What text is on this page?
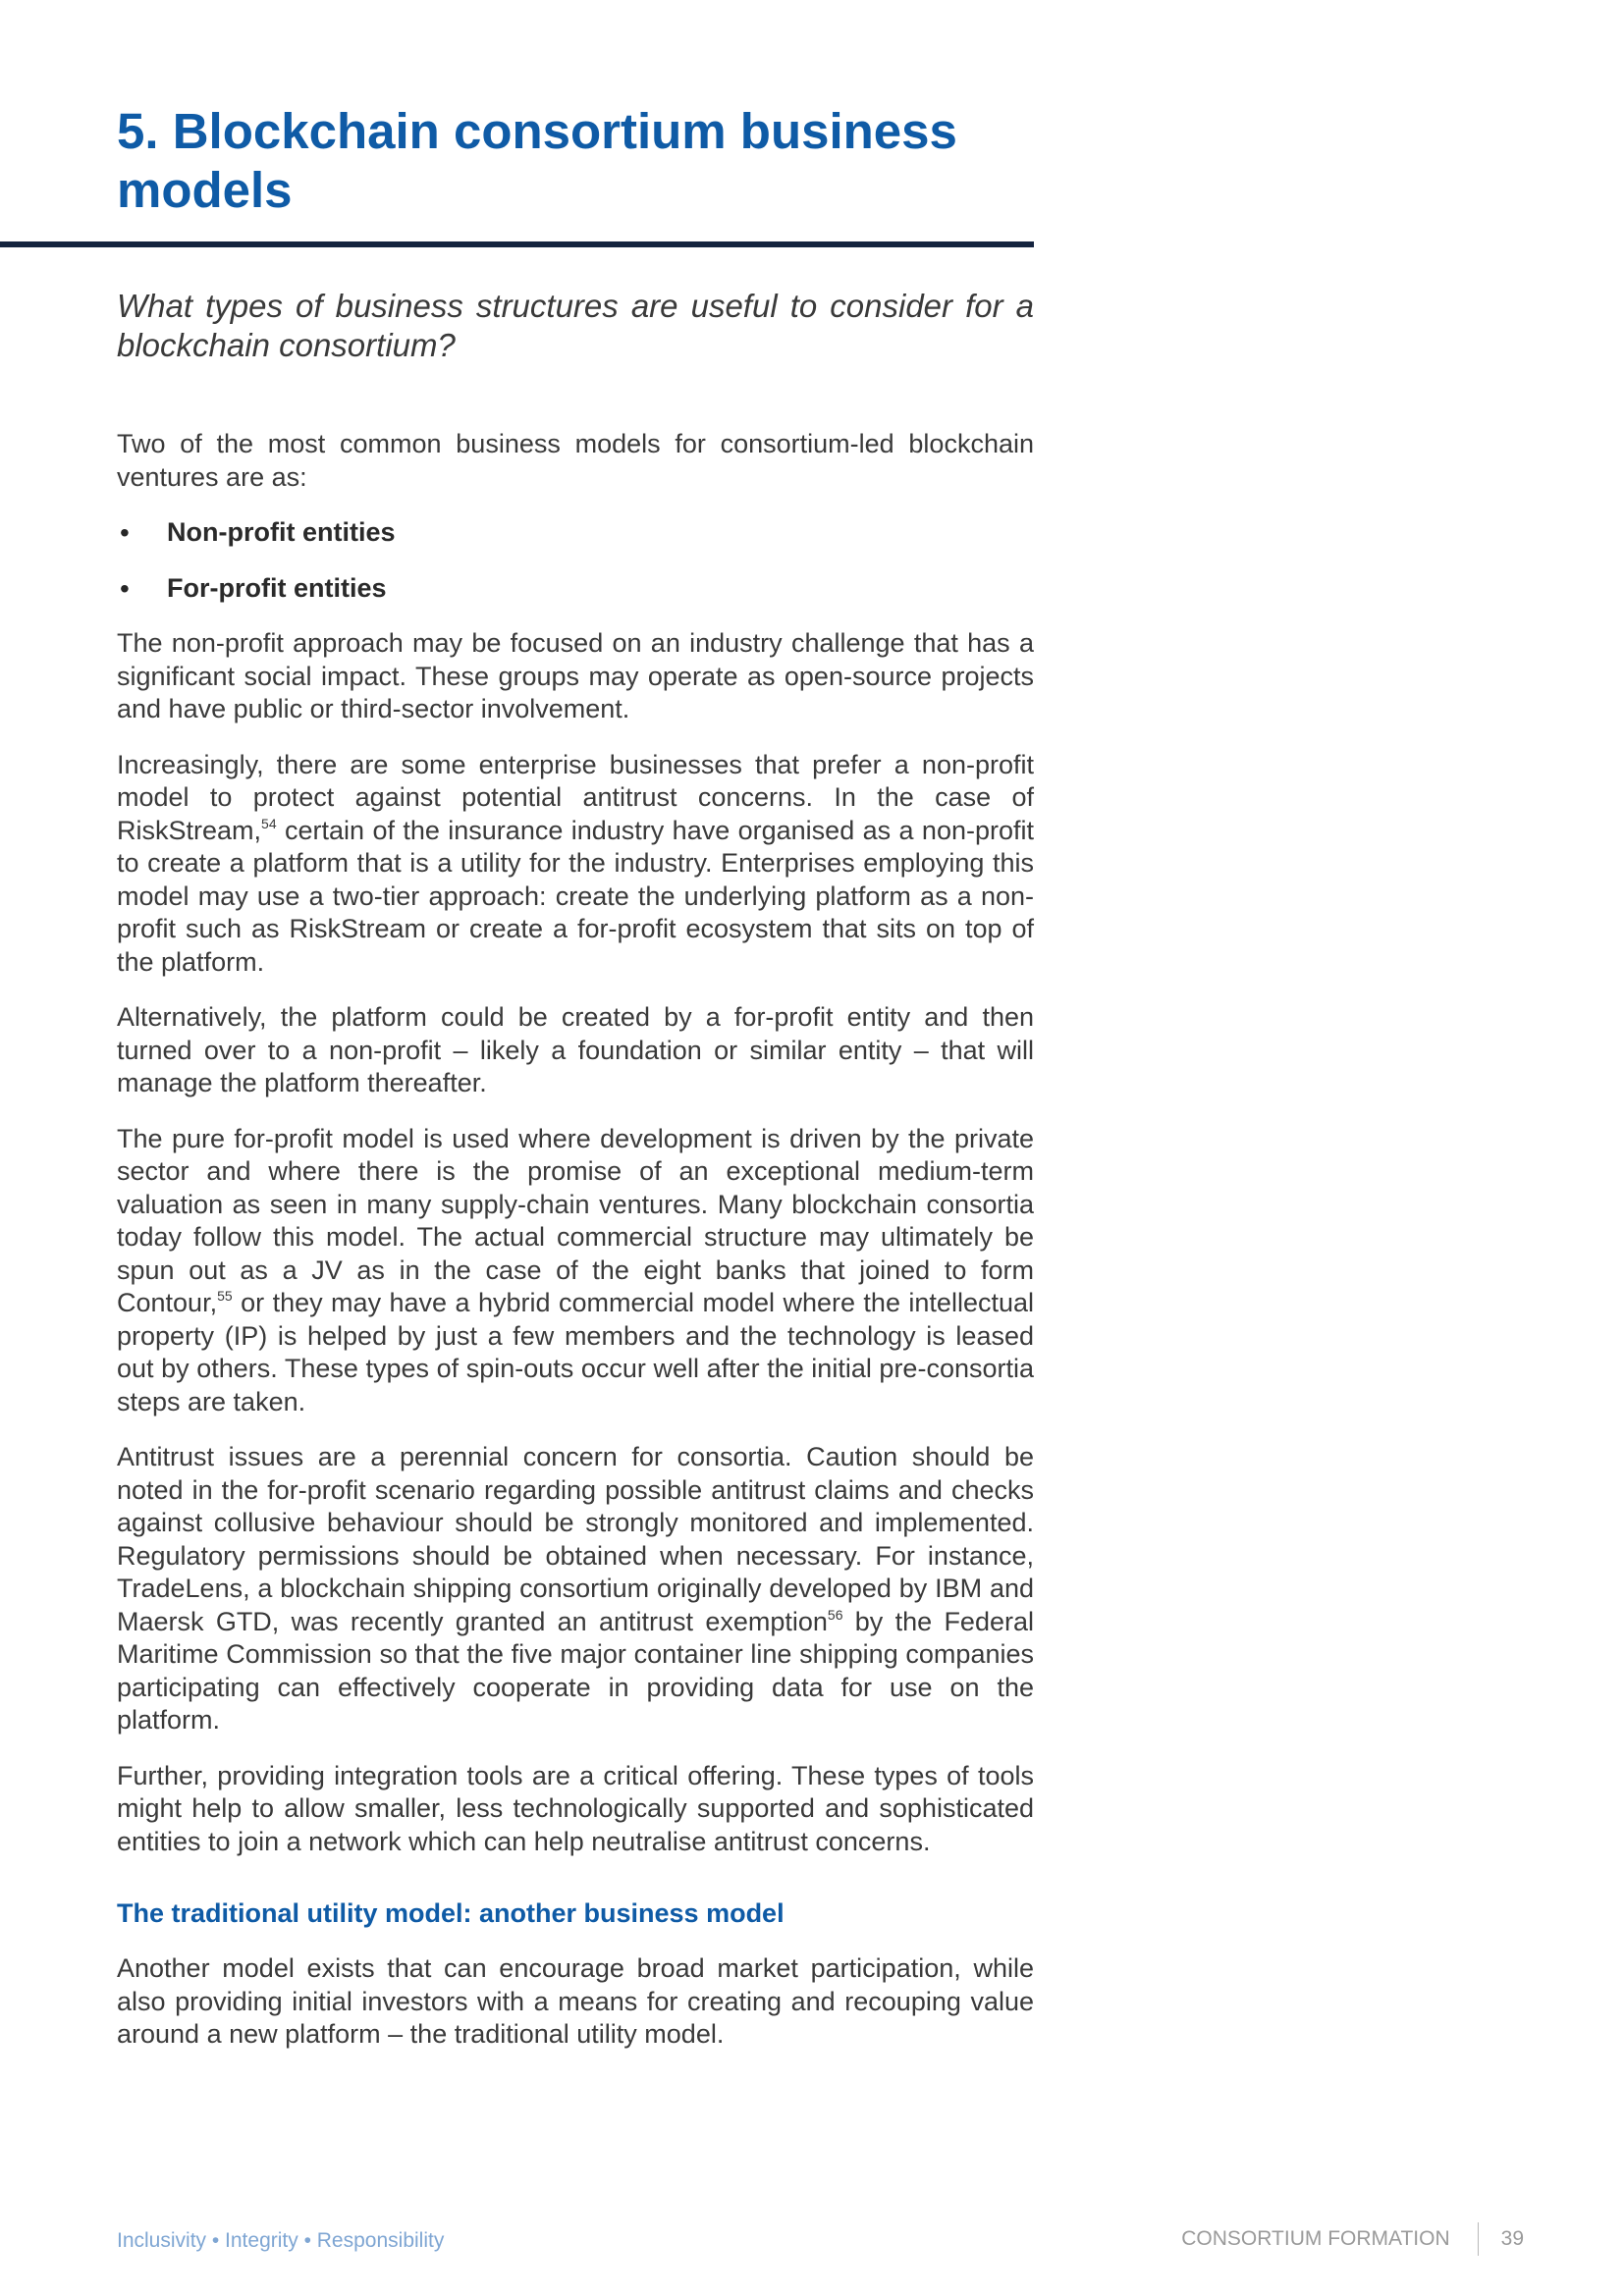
5. Blockchain consortium business models

What types of business structures are useful to consider for a blockchain consortium?

Two of the most common business models for consortium-led blockchain ventures are as:

• Non-profit entities
• For-profit entities

The non-profit approach may be focused on an industry challenge that has a significant social impact. These groups may operate as open-source projects and have public or third-sector involvement.

Increasingly, there are some enterprise businesses that prefer a non-profit model to protect against potential antitrust concerns. In the case of RiskStream,$^{54}$ certain of the insurance industry have organised as a non-profit to create a platform that is a utility for the industry. Enterprises employing this model may use a two-tier approach: create the underlying platform as a non-profit such as RiskStream or create a for-profit ecosystem that sits on top of the platform.

Alternatively, the platform could be created by a for-profit entity and then turned over to a non-profit – likely a foundation or similar entity – that will manage the platform thereafter.

The pure for-profit model is used where development is driven by the private sector and where there is the promise of an exceptional medium-term valuation as seen in many supply-chain ventures. Many blockchain consortia today follow this model. The actual commercial structure may ultimately be spun out as a JV as in the case of the eight banks that joined to form Contour,$^{55}$ or they may have a hybrid commercial model where the intellectual property (IP) is helped by just a few members and the technology is leased out by others. These types of spin-outs occur well after the initial pre-consortia steps are taken.

Antitrust issues are a perennial concern for consortia. Caution should be noted in the for-profit scenario regarding possible antitrust claims and checks against collusive behaviour should be strongly monitored and implemented. Regulatory permissions should be obtained when necessary. For instance, TradeLens, a blockchain shipping consortium originally developed by IBM and Maersk GTD, was recently granted an antitrust exemption$^{56}$ by the Federal Maritime Commission so that the five major container line shipping companies participating can effectively cooperate in providing data for use on the platform.

Further, providing integration tools are a critical offering. These types of tools might help to allow smaller, less technologically supported and sophisticated entities to join a network which can help neutralise antitrust concerns.

The traditional utility model: another business model

Another model exists that can encourage broad market participation, while also providing initial investors with a means for creating and recouping value around a new platform – the traditional utility model.

Inclusivity • Integrity • Responsibility	CONSORTIUM FORMATION 39
